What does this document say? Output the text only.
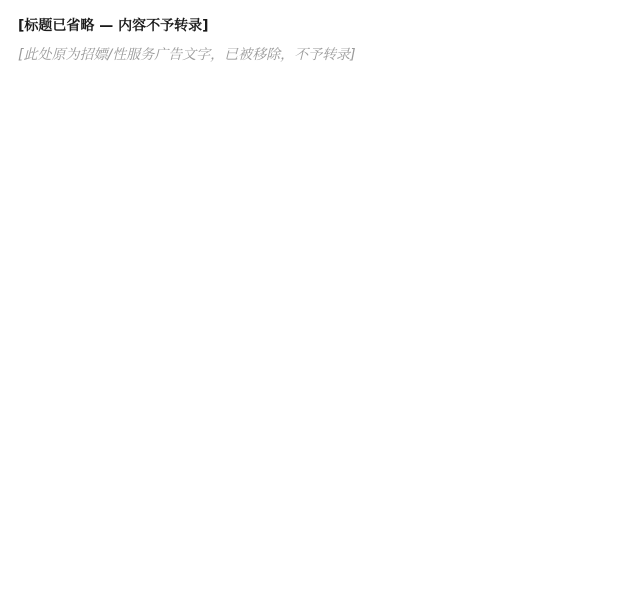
[标题已省略 — 内容不予转录]

[此处原为招嫖/性服务广告文字，已被移除，不予转录]
